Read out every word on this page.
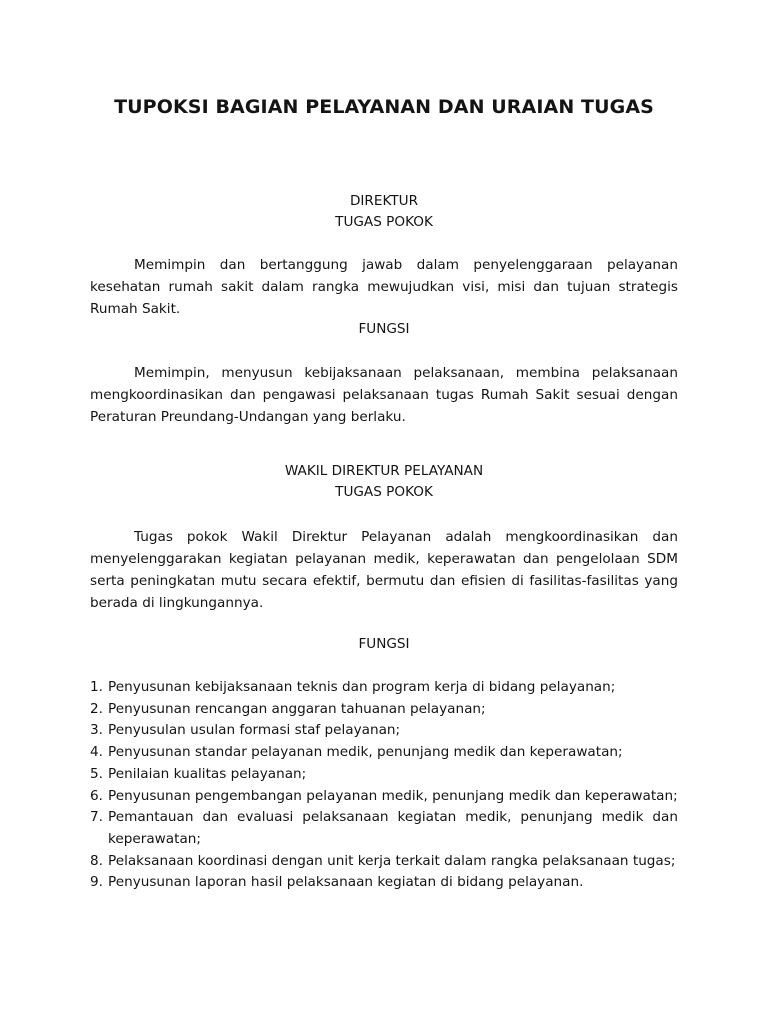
TUPOKSI BAGIAN PELAYANAN DAN URAIAN TUGAS
DIREKTUR
TUGAS POKOK
Memimpin dan bertanggung jawab dalam penyelenggaraan pelayanan kesehatan rumah sakit dalam rangka mewujudkan visi, misi dan tujuan strategis Rumah Sakit.
FUNGSI
Memimpin, menyusun kebijaksanaan pelaksanaan, membina pelaksanaan mengkoordinasikan dan pengawasi pelaksanaan tugas Rumah Sakit sesuai dengan Peraturan Preundang-Undangan yang berlaku.
WAKIL DIREKTUR PELAYANAN
TUGAS POKOK
Tugas pokok Wakil Direktur Pelayanan adalah mengkoordinasikan dan menyelenggarakan kegiatan pelayanan medik, keperawatan dan pengelolaan SDM serta peningkatan mutu secara efektif, bermutu dan efisien di fasilitas-fasilitas yang berada di lingkungannya.
FUNGSI
1. Penyusunan kebijaksanaan teknis dan program kerja di bidang pelayanan;
2. Penyusunan rencangan anggaran tahuanan pelayanan;
3. Penyusulan usulan formasi staf pelayanan;
4. Penyusunan standar pelayanan medik, penunjang medik dan keperawatan;
5. Penilaian kualitas pelayanan;
6. Penyusunan pengembangan pelayanan medik, penunjang medik dan keperawatan;
7. Pemantauan dan evaluasi pelaksanaan kegiatan medik, penunjang medik dan keperawatan;
8. Pelaksanaan koordinasi dengan unit kerja terkait dalam rangka pelaksanaan tugas;
9. Penyusunan laporan hasil pelaksanaan kegiatan di bidang pelayanan.
